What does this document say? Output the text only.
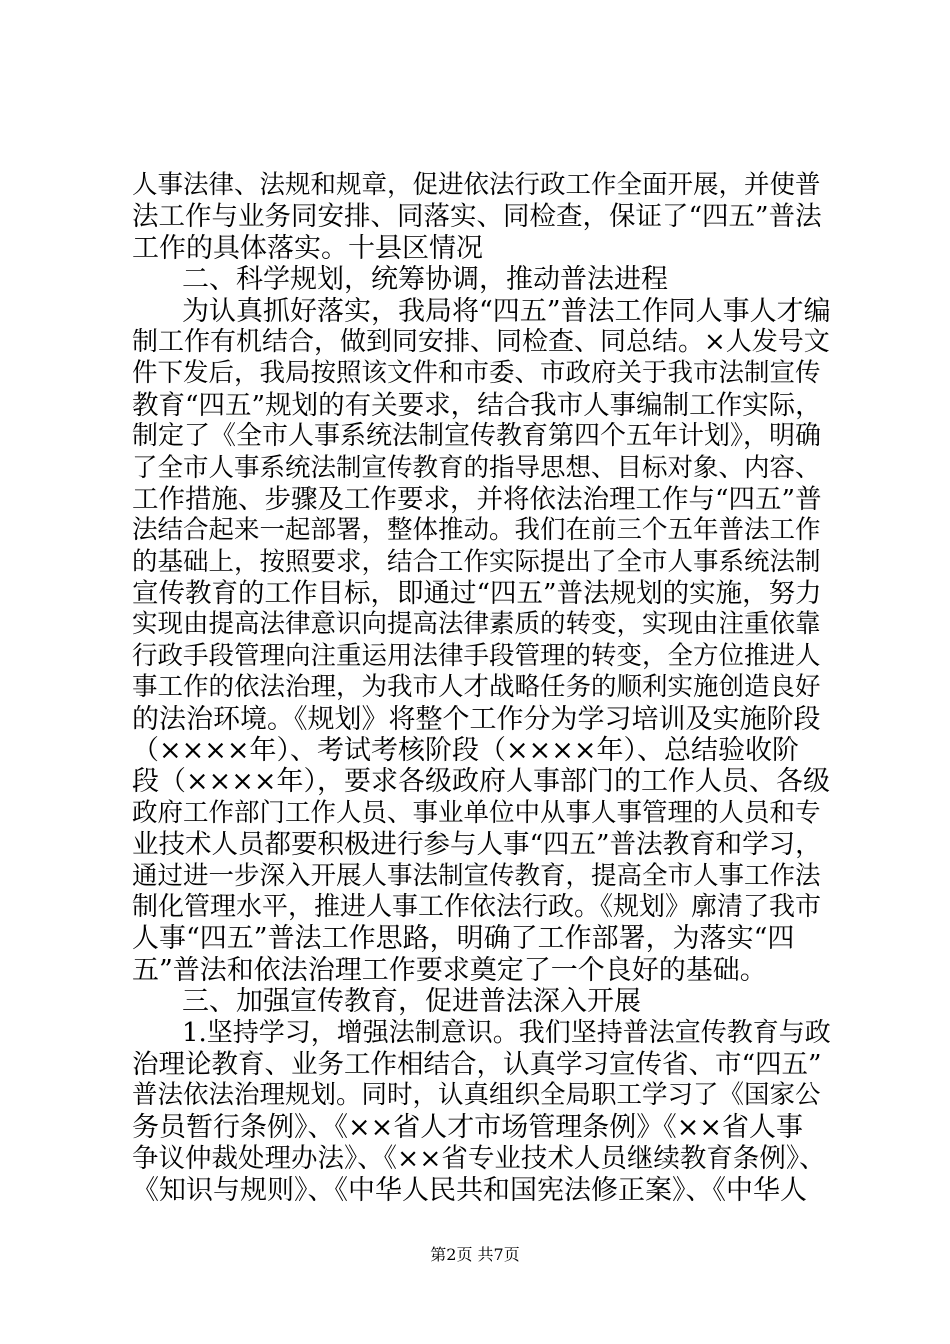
人事法律、法规和规章，促进依法行政工作全面开展，并使普
法工作与业务同安排、同落实、同检查，保证了“四五”普法
工作的具体落实。十县区情况
二、科学规划，统筹协调，推动普法进程
为认真抓好落实，我局将“四五”普法工作同人事人才编
制工作有机结合，做到同安排、同检查、同总结。×人发号文
件下发后，我局按照该文件和市委、市政府关于我市法制宣传
教育“四五”规划的有关要求，结合我市人事编制工作实际，
制定了《全市人事系统法制宣传教育第四个五年计划》，明确
了全市人事系统法制宣传教育的指导思想、目标对象、内容、
工作措施、步骤及工作要求，并将依法治理工作与“四五”普
法结合起来一起部署，整体推动。我们在前三个五年普法工作
的基础上，按照要求，结合工作实际提出了全市人事系统法制
宣传教育的工作目标，即通过“四五”普法规划的实施，努力
实现由提高法律意识向提高法律素质的转变，实现由注重依靠
行政手段管理向注重运用法律手段管理的转变，全方位推进人
事工作的依法治理，为我市人才战略任务的顺利实施创造良好
的法治环境。《规划》将整个工作分为学习培训及实施阶段
（××××年）、考试考核阶段（××××年）、总结验收阶
段（××××年），要求各级政府人事部门的工作人员、各级
政府工作部门工作人员、事业单位中从事人事管理的人员和专
业技术人员都要积极进行参与人事“四五”普法教育和学习，
通过进一步深入开展人事法制宣传教育，提高全市人事工作法
制化管理水平，推进人事工作依法行政。《规划》廓清了我市
人事“四五”普法工作思路，明确了工作部署，为落实“四
五”普法和依法治理工作要求奠定了一个良好的基础。
三、加强宣传教育，促进普法深入开展
1.坚持学习，增强法制意识。我们坚持普法宣传教育与政
治理论教育、业务工作相结合，认真学习宣传省、市“四五”
普法依法治理规划。同时，认真组织全局职工学习了《国家公
务员暂行条例》、《××省人才市场管理条例》《××省人事
争议仲裁处理办法》、《××省专业技术人员继续教育条例》、
《知识与规则》、《中华人民共和国宪法修正案》、《中华人
第2页 共7页
